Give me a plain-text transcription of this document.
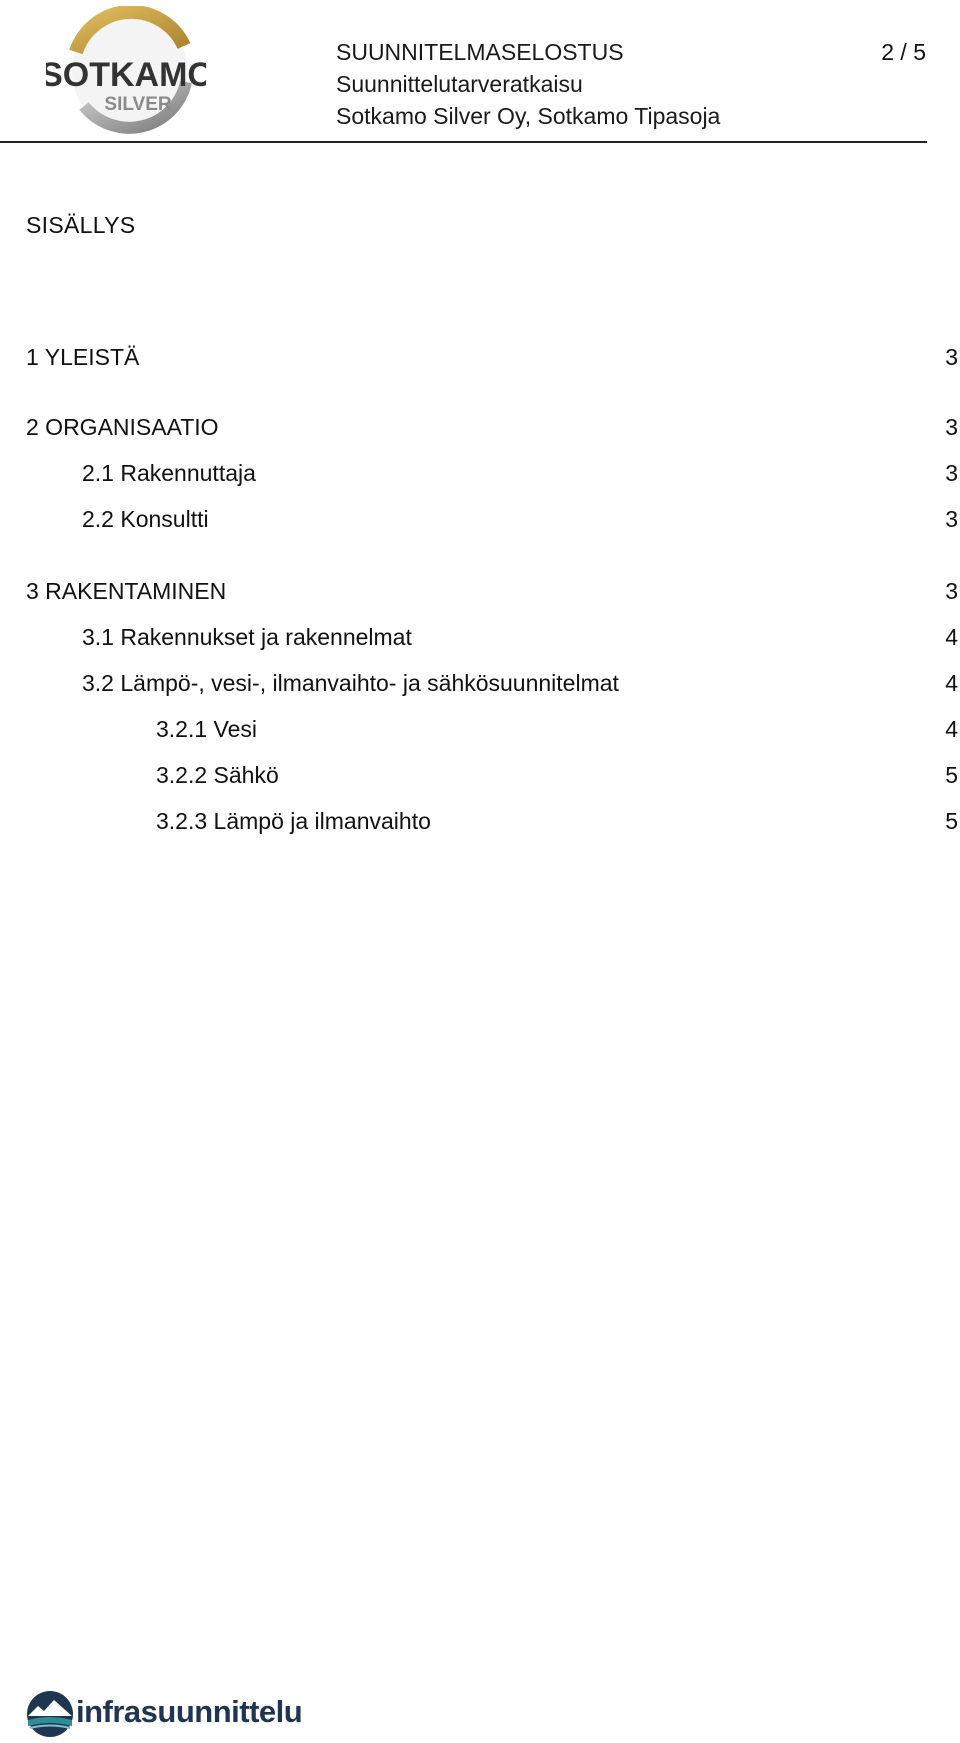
SOTKAMO
SILVER
SUUNNITELMASELOSTUS
Suunnittelutarveratkaisu
Sotkamo Silver Oy, Sotkamo Tipasoja
2 / 5
SISÄLLYS
1 YLEISTÄ	3
2 ORGANISAATIO	3
2.1 Rakennuttaja	3
2.2 Konsultti	3
3 RAKENTAMINEN	3
3.1 Rakennukset ja rakennelmat	4
3.2 Lämpö-, vesi-, ilmanvaihto- ja sähkösuunnitelmat	4
3.2.1 Vesi	4
3.2.2 Sähkö	5
3.2.3 Lämpö ja ilmanvaihto	5
infrasuunnittelu
